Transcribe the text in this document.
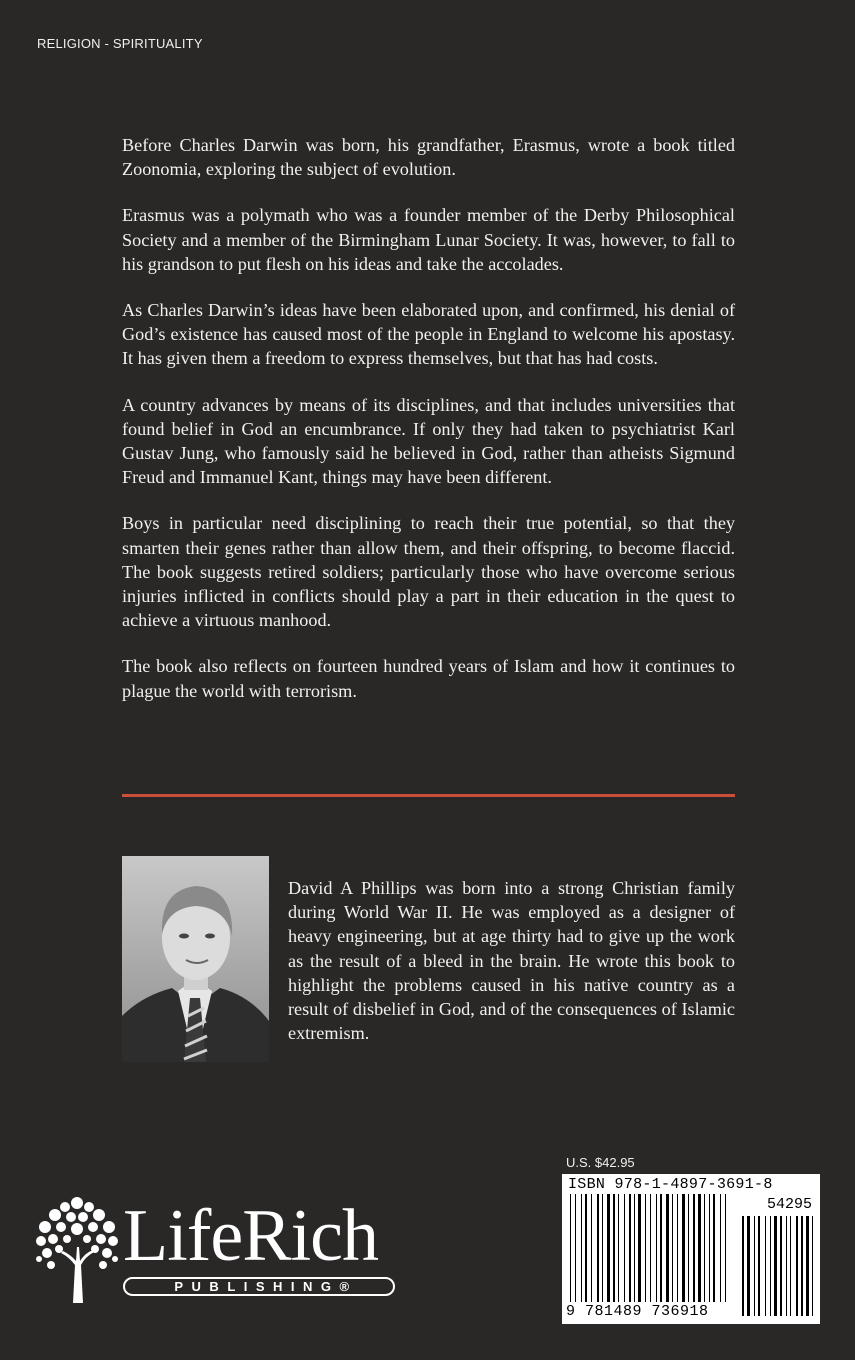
RELIGION - SPIRITUALITY

Before Charles Darwin was born, his grandfather, Erasmus, wrote a book titled Zoonomia, exploring the subject of evolution.

Erasmus was a polymath who was a founder member of the Derby Philosophical Society and a member of the Birmingham Lunar Society. It was, however, to fall to his grandson to put flesh on his ideas and take the accolades.

As Charles Darwin’s ideas have been elaborated upon, and confirmed, his denial of God’s existence has caused most of the people in England to welcome his apostasy. It has given them a freedom to express themselves, but that has had costs.

A country advances by means of its disciplines, and that includes universities that found belief in God an encumbrance. If only they had taken to psychiatrist Karl Gustav Jung, who famously said he believed in God, rather than atheists Sigmund Freud and Immanuel Kant, things may have been different.

Boys in particular need disciplining to reach their true potential, so that they smarten their genes rather than allow them, and their offspring, to become flaccid. The book suggests retired soldiers; particularly those who have overcome serious injuries inflicted in conflicts should play a part in their education in the quest to achieve a virtuous manhood.

The book also reflects on fourteen hundred years of Islam and how it continues to plague the world with terrorism.

David A Phillips was born into a strong Christian family during World War II. He was employed as a designer of heavy engineering, but at age thirty had to give up the work as the result of a bleed in the brain. He wrote this book to highlight the problems caused in his native country as a result of disbelief in God, and of the consequences of Islamic extremism.

U.S. $42.95
ISBN 978-1-4897-3691-8
54295
9 781489 736918
LifeRich
PUBLISHING®
